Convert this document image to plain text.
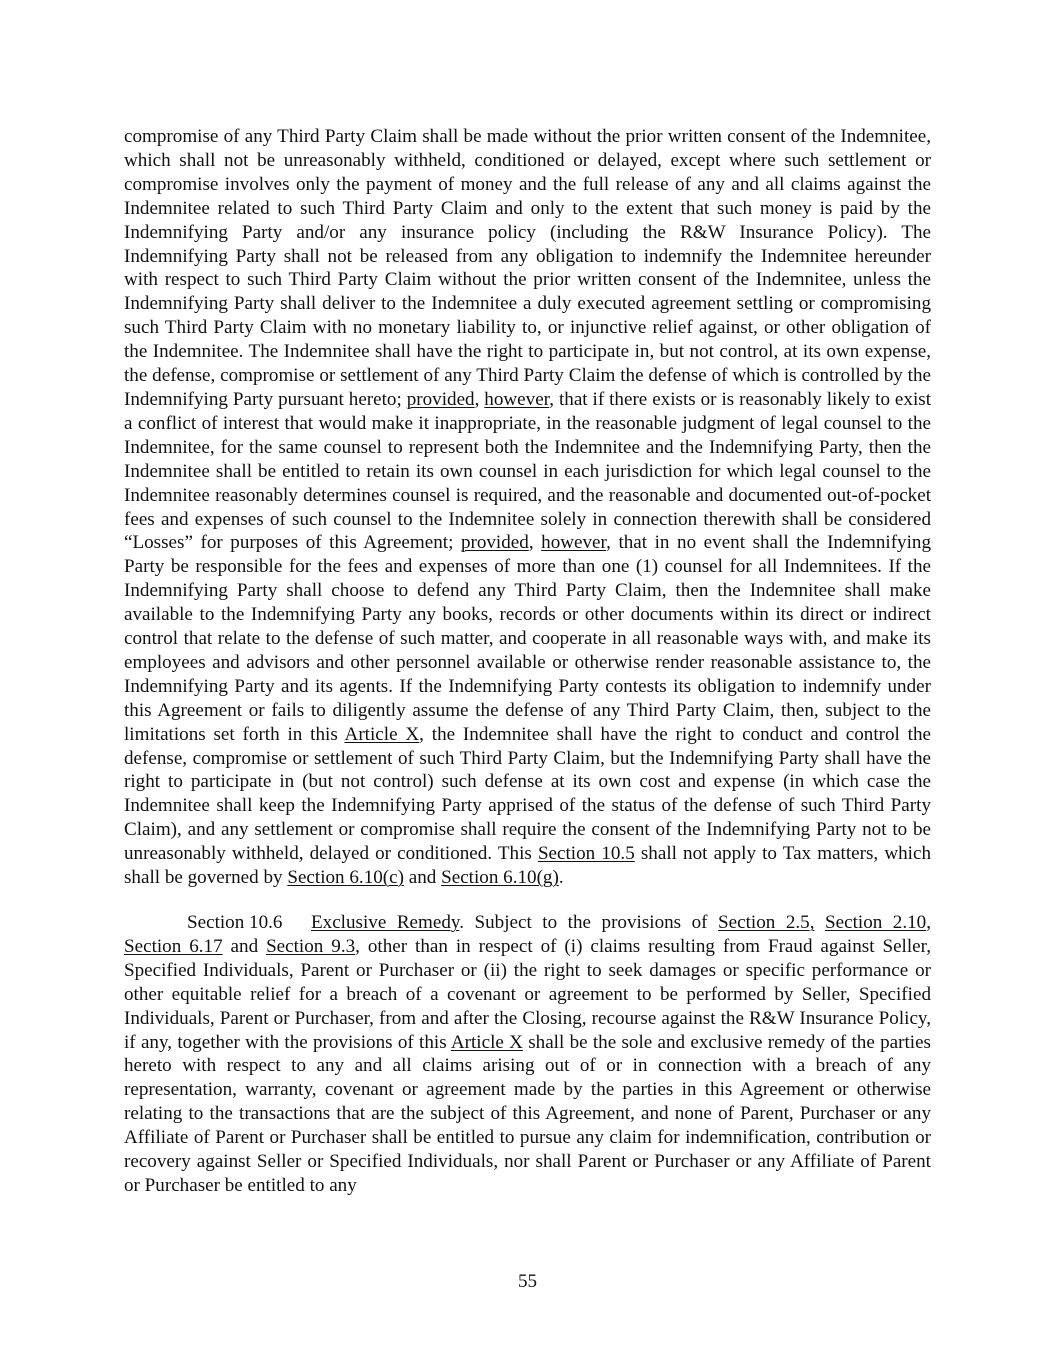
compromise of any Third Party Claim shall be made without the prior written consent of the Indemnitee, which shall not be unreasonably withheld, conditioned or delayed, except where such settlement or compromise involves only the payment of money and the full release of any and all claims against the Indemnitee related to such Third Party Claim and only to the extent that such money is paid by the Indemnifying Party and/or any insurance policy (including the R&W Insurance Policy). The Indemnifying Party shall not be released from any obligation to indemnify the Indemnitee hereunder with respect to such Third Party Claim without the prior written consent of the Indemnitee, unless the Indemnifying Party shall deliver to the Indemnitee a duly executed agreement settling or compromising such Third Party Claim with no monetary liability to, or injunctive relief against, or other obligation of the Indemnitee. The Indemnitee shall have the right to participate in, but not control, at its own expense, the defense, compromise or settlement of any Third Party Claim the defense of which is controlled by the Indemnifying Party pursuant hereto; provided, however, that if there exists or is reasonably likely to exist a conflict of interest that would make it inappropriate, in the reasonable judgment of legal counsel to the Indemnitee, for the same counsel to represent both the Indemnitee and the Indemnifying Party, then the Indemnitee shall be entitled to retain its own counsel in each jurisdiction for which legal counsel to the Indemnitee reasonably determines counsel is required, and the reasonable and documented out-of-pocket fees and expenses of such counsel to the Indemnitee solely in connection therewith shall be considered “Losses” for purposes of this Agreement; provided, however, that in no event shall the Indemnifying Party be responsible for the fees and expenses of more than one (1) counsel for all Indemnitees. If the Indemnifying Party shall choose to defend any Third Party Claim, then the Indemnitee shall make available to the Indemnifying Party any books, records or other documents within its direct or indirect control that relate to the defense of such matter, and cooperate in all reasonable ways with, and make its employees and advisors and other personnel available or otherwise render reasonable assistance to, the Indemnifying Party and its agents. If the Indemnifying Party contests its obligation to indemnify under this Agreement or fails to diligently assume the defense of any Third Party Claim, then, subject to the limitations set forth in this Article X, the Indemnitee shall have the right to conduct and control the defense, compromise or settlement of such Third Party Claim, but the Indemnifying Party shall have the right to participate in (but not control) such defense at its own cost and expense (in which case the Indemnitee shall keep the Indemnifying Party apprised of the status of the defense of such Third Party Claim), and any settlement or compromise shall require the consent of the Indemnifying Party not to be unreasonably withheld, delayed or conditioned. This Section 10.5 shall not apply to Tax matters, which shall be governed by Section 6.10(c) and Section 6.10(g).

Section 10.6 Exclusive Remedy. Subject to the provisions of Section 2.5, Section 2.10, Section 6.17 and Section 9.3, other than in respect of (i) claims resulting from Fraud against Seller, Specified Individuals, Parent or Purchaser or (ii) the right to seek damages or specific performance or other equitable relief for a breach of a covenant or agreement to be performed by Seller, Specified Individuals, Parent or Purchaser, from and after the Closing, recourse against the R&W Insurance Policy, if any, together with the provisions of this Article X shall be the sole and exclusive remedy of the parties hereto with respect to any and all claims arising out of or in connection with a breach of any representation, warranty, covenant or agreement made by the parties in this Agreement or otherwise relating to the transactions that are the subject of this Agreement, and none of Parent, Purchaser or any Affiliate of Parent or Purchaser shall be entitled to pursue any claim for indemnification, contribution or recovery against Seller or Specified Individuals, nor shall Parent or Purchaser or any Affiliate of Parent or Purchaser be entitled to any

55
